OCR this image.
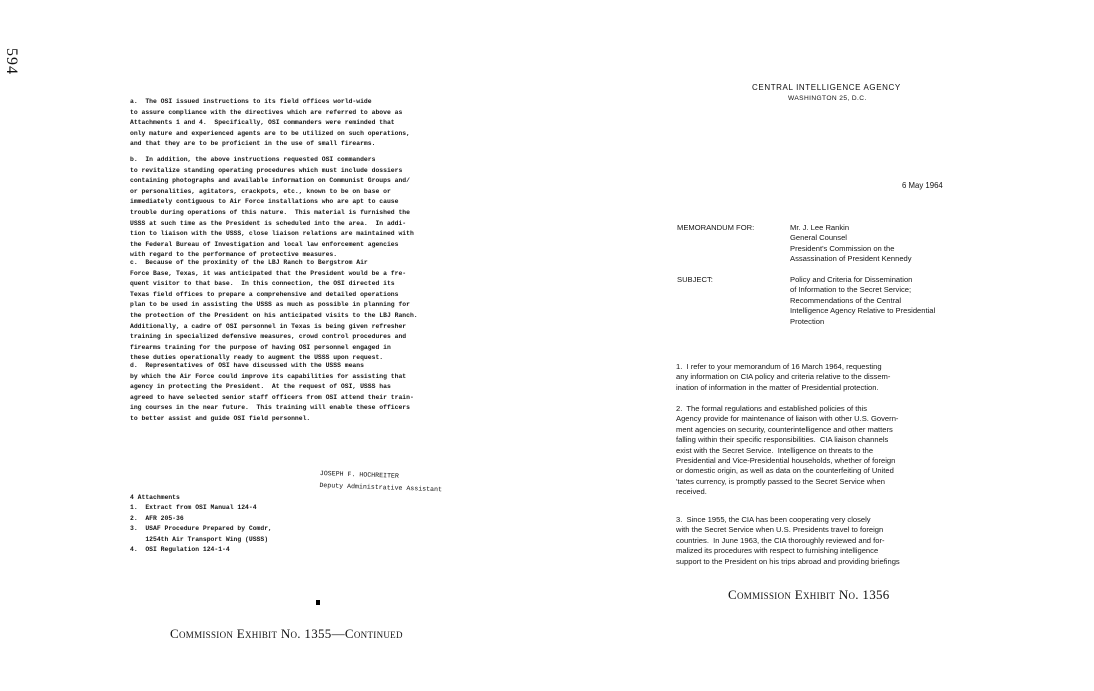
594
a.  The OSI issued instructions to its field offices world-wide
to assure compliance with the directives which are referred to above as
Attachments 1 and 4.  Specifically, OSI commanders were reminded that
only mature and experienced agents are to be utilized on such operations,
and that they are to be proficient in the use of small firearms.
b.  In addition, the above instructions requested OSI commanders
to revitalize standing operating procedures which must include dossiers
containing photographs and available information on Communist Groups and/
or personalities, agitators, crackpots, etc., known to be on base or
immediately contiguous to Air Force installations who are apt to cause
trouble during operations of this nature.  This material is furnished the
USSS at such time as the President is scheduled into the area.  In addi-
tion to liaison with the USSS, close liaison relations are maintained with
the Federal Bureau of Investigation and local law enforcement agencies
with regard to the performance of protective measures.
c.  Because of the proximity of the LBJ Ranch to Bergstrom Air
Force Base, Texas, it was anticipated that the President would be a fre-
quent visitor to that base.  In this connection, the OSI directed its
Texas field offices to prepare a comprehensive and detailed operations
plan to be used in assisting the USSS as much as possible in planning for
the protection of the President on his anticipated visits to the LBJ Ranch.
Additionally, a cadre of OSI personnel in Texas is being given refresher
training in specialized defensive measures, crowd control procedures and
firearms training for the purpose of having OSI personnel engaged in
these duties operationally ready to augment the USSS upon request.
d.  Representatives of OSI have discussed with the USSS means
by which the Air Force could improve its capabilities for assisting that
agency in protecting the President.  At the request of OSI, USSS has
agreed to have selected senior staff officers from OSI attend their train-
ing courses in the near future.  This training will enable these officers
to better assist and guide OSI field personnel.
JOSEPH F. HOCHREITER
Deputy Administrative Assistant
4 Attachments
1.  Extract from OSI Manual 124-4
2.  AFR 205-36
3.  USAF Procedure Prepared by Comdr,
1254th Air Transport Wing (USSS)
4.  OSI Regulation 124-1-4
Commission Exhibit No. 1355—Continued
CENTRAL INTELLIGENCE AGENCY
WASHINGTON 25, D.C.
6 May 1964
MEMORANDUM FOR:	Mr. J. Lee Rankin
General Counsel
President's Commission on the
Assassination of President Kennedy
SUBJECT:	Policy and Criteria for Dissemination
of Information to the Secret Service;
Recommendations of the Central
Intelligence Agency Relative to Presidential
Protection
1.  I refer to your memorandum of 16 March 1964, requesting
any information on CIA policy and criteria relative to the dissem-
ination of information in the matter of Presidential protection.
2.  The formal regulations and established policies of this
Agency provide for maintenance of liaison with other U.S. Govern-
ment agencies on security, counterintelligence and other matters
falling within their specific responsibilities.  CIA liaison channels
exist with the Secret Service.  Intelligence on threats to the
Presidential and Vice-Presidential households, whether of foreign
or domestic origin, as well as data on the counterfeiting of United
'tates currency, is promptly passed to the Secret Service when
received.
3.  Since 1955, the CIA has been cooperating very closely
with the Secret Service when U.S. Presidents travel to foreign
countries.  In June 1963, the CIA thoroughly reviewed and for-
malized its procedures with respect to furnishing intelligence
support to the President on his trips abroad and providing briefings
Commission Exhibit No. 1356
